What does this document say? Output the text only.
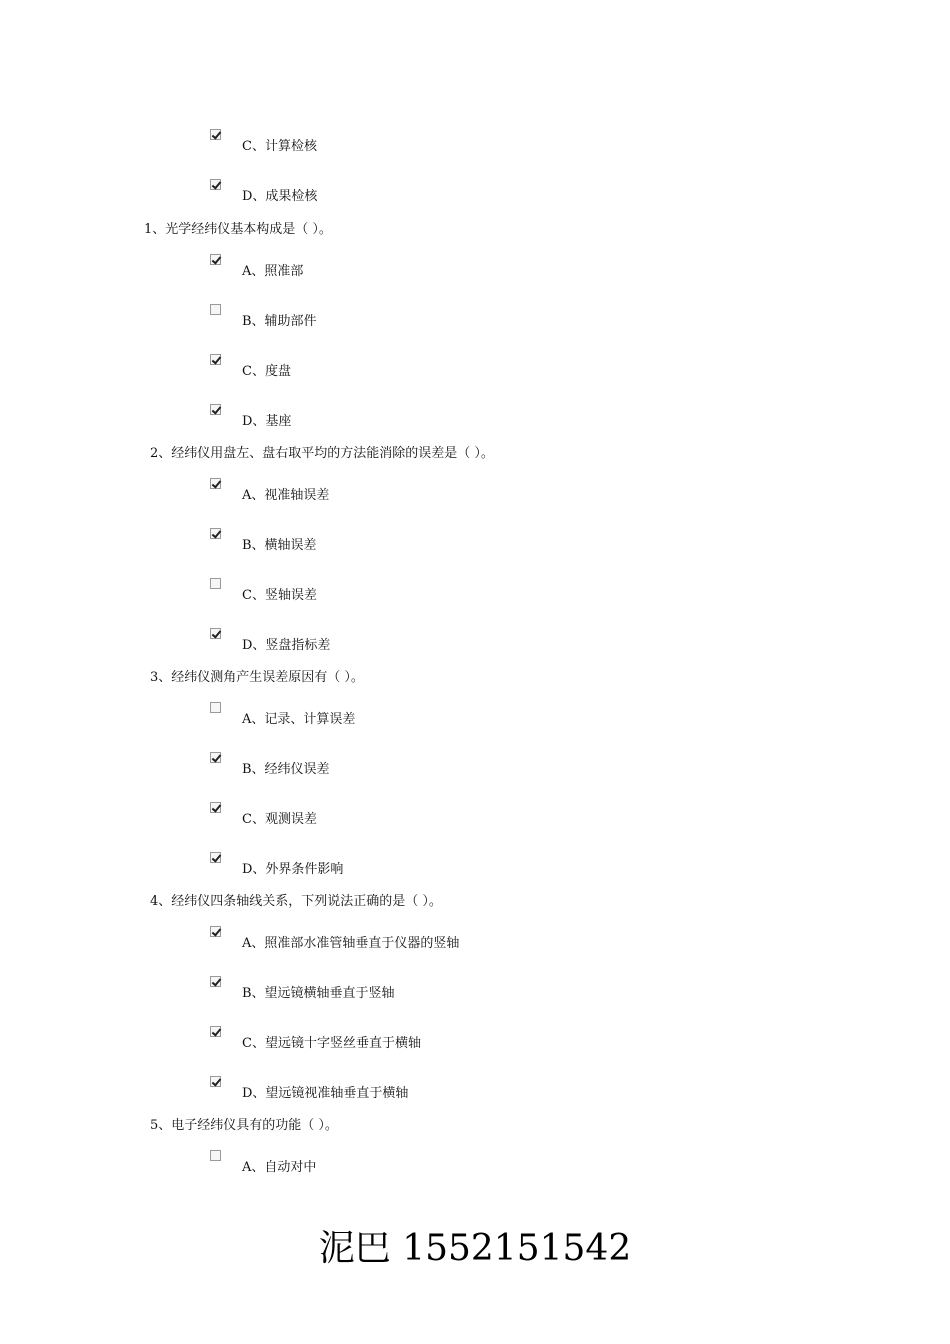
C、计算检核
D、成果检核
1、光学经纬仪基本构成是（ ）。
A、照准部
B、辅助部件
C、度盘
D、基座
2、经纬仪用盘左、盘右取平均的方法能消除的误差是（ ）。
A、视准轴误差
B、横轴误差
C、竖轴误差
D、竖盘指标差
3、经纬仪测角产生误差原因有（ ）。
A、记录、计算误差
B、经纬仪误差
C、观测误差
D、外界条件影响
4、经纬仪四条轴线关系，下列说法正确的是（ ）。
A、照准部水准管轴垂直于仪器的竖轴
B、望远镜横轴垂直于竖轴
C、望远镜十字竖丝垂直于横轴
D、望远镜视准轴垂直于横轴
5、电子经纬仪具有的功能（ ）。
A、自动对中
泥巴 1552151542
